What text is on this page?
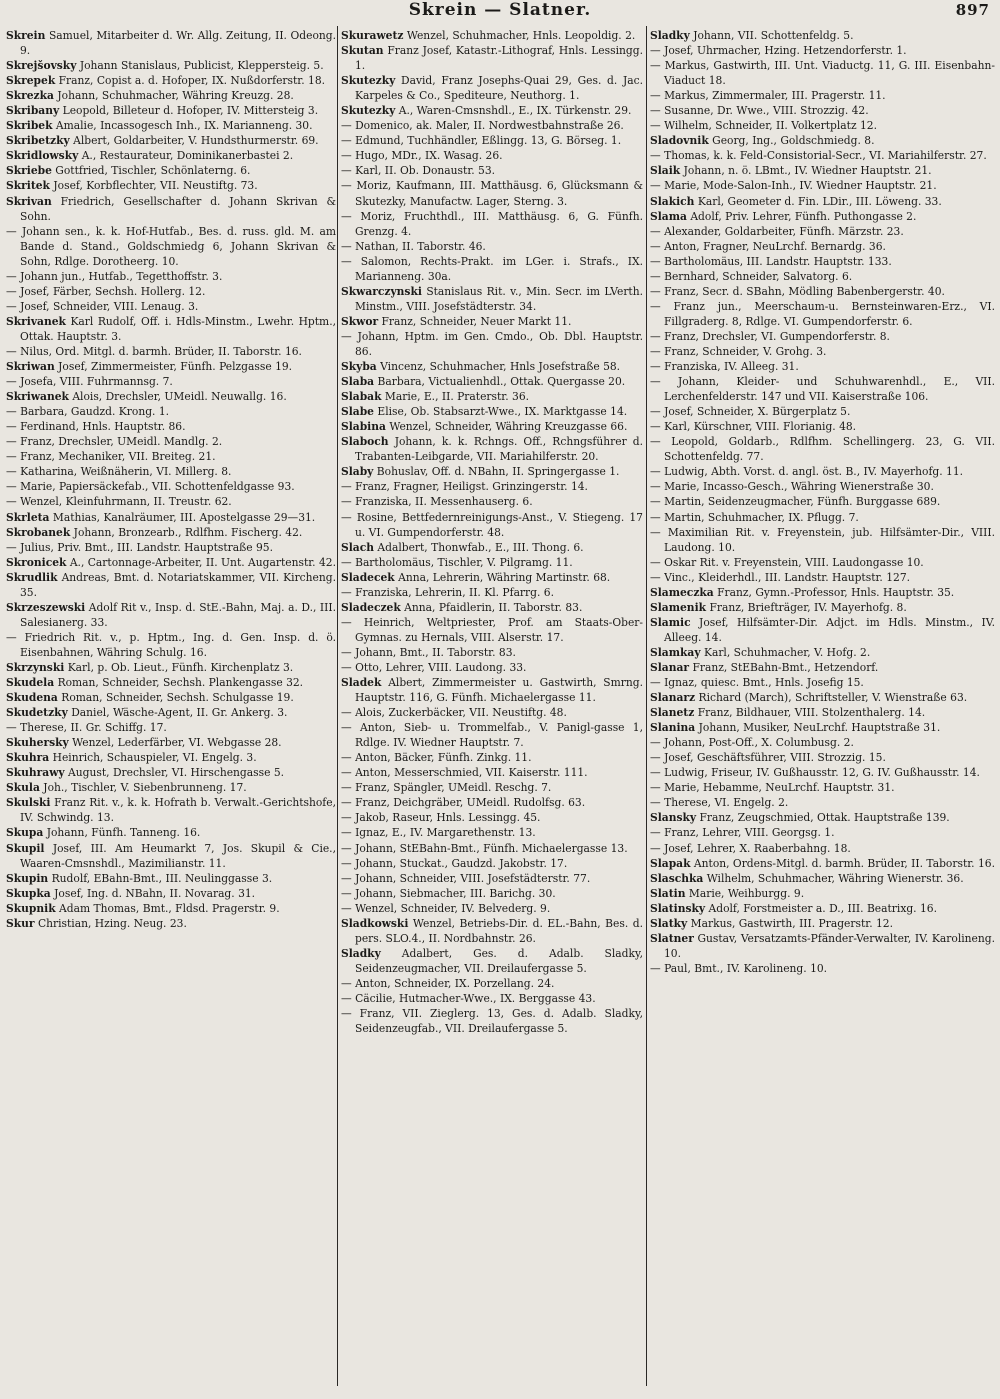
Skrein — Slatner.	897

Skrein Samuel, Mitarbeiter d. Wr. Allg. Zeitung, II. Odeong. 9.

Skrejšovsky Johann Stanislaus, Publicist, Kleppersteig. 5.

Skrepek Franz, Copist a. d. Hofoper, IX. Nußdorferstr. 18.

Skrezka Johann, Schuhmacher, Währing Kreuzg. 28.

Skribany Leopold, Billeteur d. Hofoper, IV. Mittersteig 3.

Skribek Amalie, Incassogesch Inh., IX. Marianneng. 30.

Skribetzky Albert, Goldarbeiter, V. Hundsthurmerstr. 69.

Skridlowsky A., Restaurateur, Dominikanerbastei 2.

Skriebe Gottfried, Tischler, Schönlaterng. 6.

Skritek Josef, Korbflechter, VII. Neustiftg. 73.

Skrivan Friedrich, Gesellschafter d. Johann Skrivan & Sohn.

— Johann sen., k. k. Hof-Hutfab., Bes. d. russ. gld. M. am Bande d. Stand., Goldschmiedg 6, Johann Skrivan & Sohn, Rdlge. Dorotheerg. 10.

— Johann jun., Hutfab., Tegetthoffstr. 3.

— Josef, Färber, Sechsh. Hollerg. 12.

— Josef, Schneider, VIII. Lenaug. 3.

Skrivanek Karl Rudolf, Off. i. Hdls-Minstm., Lwehr. Hptm., Ottak. Hauptstr. 3.

— Nilus, Ord. Mitgl. d. barmh. Brüder, II. Taborstr. 16.

Skriwan Josef, Zimmermeister, Fünfh. Pelzgasse 19.

— Josefa, VIII. Fuhrmannsg. 7.

Skriwanek Alois, Drechsler, UMeidl. Neuwallg. 16.

— Barbara, Gaudzd. Krong. 1.

— Ferdinand, Hnls. Hauptstr. 86.

— Franz, Drechsler, UMeidl. Mandlg. 2.

— Franz, Mechaniker, VII. Breiteg. 21.

— Katharina, Weißnäherin, VI. Millerg. 8.

— Marie, Papiersäckefab., VII. Schottenfeldgasse 93.

— Wenzel, Kleinfuhrmann, II. Treustr. 62.

Skrleta Mathias, Kanalräumer, III. Apostelgasse 29—31.

Skrobanek Johann, Bronzearb., Rdlfhm. Fischerg. 42.

— Julius, Priv. Bmt., III. Landstr. Hauptstraße 95.

Skronicek A., Cartonnage-Arbeiter, II. Unt. Augartenstr. 42.

Skrudlik Andreas, Bmt. d. Notariatskammer, VII. Kircheng. 35.

Skrzeszewski Adolf Rit v., Insp. d. StE.-Bahn, Maj. a. D., III. Salesianerg. 33.

— Friedrich Rit. v., p. Hptm., Ing. d. Gen. Insp. d. ö. Eisenbahnen, Währing Schulg. 16.

Skrzynski Karl, p. Ob. Lieut., Fünfh. Kirchenplatz 3.

Skudela Roman, Schneider, Sechsh. Plankengasse 32.

Skudena Roman, Schneider, Sechsh. Schulgasse 19.

Skudetzky Daniel, Wäsche-Agent, II. Gr. Ankerg. 3.

— Therese, II. Gr. Schiffg. 17.

Skuhersky Wenzel, Lederfärber, VI. Webgasse 28.

Skuhra Heinrich, Schauspieler, VI. Engelg. 3.

Skuhrawy August, Drechsler, VI. Hirschengasse 5.

Skula Joh., Tischler, V. Siebenbrunneng. 17.

Skulski Franz Rit. v., k. k. Hofrath b. Verwalt.-Gerichtshofe, IV. Schwindg. 13.

Skupa Johann, Fünfh. Tanneng. 16.

Skupil Josef, III. Am Heumarkt 7, Jos. Skupil & Cie., Waaren-Cmsnshdl., Mazimilianstr. 11.

Skupin Rudolf, EBahn-Bmt., III. Neulinggasse 3.

Skupka Josef, Ing. d. NBahn, II. Novarag. 31.

Skupnik Adam Thomas, Bmt., Fldsd. Pragerstr. 9.

Skur Christian, Hzing. Neug. 23.

Skurawetz Wenzel, Schuhmacher, Hnls. Leopoldig. 2.

Skutan Franz Josef, Katastr.-Lithograf, Hnls. Lessingg. 1.

Skutezky David, Franz Josephs-Quai 29, Ges. d. Jac. Karpeles & Co., Spediteure, Neuthorg. 1.

Skutezky A., Waren-Cmsnshdl., E., IX. Türkenstr. 29.

— Domenico, ak. Maler, II. Nordwestbahnstraße 26.

— Edmund, Tuchhändler, Eßlingg. 13, G. Börseg. 1.

— Hugo, MDr., IX. Wasag. 26.

— Karl, II. Ob. Donaustr. 53.

— Moriz, Kaufmann, III. Matthäusg. 6, Glücksmann & Skutezky, Manufactw. Lager, Sterng. 3.

— Moriz, Fruchthdl., III. Matthäusg. 6, G. Fünfh. Grenzg. 4.

— Nathan, II. Taborstr. 46.

— Salomon, Rechts-Prakt. im LGer. i. Strafs., IX. Marianneng. 30a.

Skwarczynski Stanislaus Rit. v., Min. Secr. im LVerth. Minstm., VIII. Josefstädterstr. 34.

Skwor Franz, Schneider, Neuer Markt 11.

— Johann, Hptm. im Gen. Cmdo., Ob. Dbl. Hauptstr. 86.

Skyba Vincenz, Schuhmacher, Hnls Josefstraße 58.

Slaba Barbara, Victualienhdl., Ottak. Quergasse 20.

Slabak Marie, E., II. Praterstr. 36.

Slabe Elise, Ob. Stabsarzt-Wwe., IX. Marktgasse 14.

Slabina Wenzel, Schneider, Währing Kreuzgasse 66.

Slaboch Johann, k. k. Rchngs. Off., Rchngsführer d. Trabanten-Leibgarde, VII. Mariahilferstr. 20.

Slaby Bohuslav, Off. d. NBahn, II. Springergasse 1.

— Franz, Fragner, Heiligst. Grinzingerstr. 14.

— Franziska, II. Messenhauserg. 6.

— Rosine, Bettfedernreinigungs-Anst., V. Stiegeng. 17 u. VI. Gumpendorferstr. 48.

Slach Adalbert, Thonwfab., E., III. Thong. 6.

— Bartholomäus, Tischler, V. Pilgramg. 11.

Sladecek Anna, Lehrerin, Währing Martinstr. 68.

— Franziska, Lehrerin, II. Kl. Pfarrg. 6.

Sladeczek Anna, Pfaidlerin, II. Taborstr. 83.

— Heinrich, Weltpriester, Prof. am Staats-Ober-Gymnas. zu Hernals, VIII. Alserstr. 17.

— Johann, Bmt., II. Taborstr. 83.

— Otto, Lehrer, VIII. Laudong. 33.

Sladek Albert, Zimmermeister u. Gastwirth, Smrng. Hauptstr. 116, G. Fünfh. Michaelergasse 11.

— Alois, Zuckerbäcker, VII. Neustiftg. 48.

— Anton, Sieb- u. Trommelfab., V. Panigl-gasse 1, Rdlge. IV. Wiedner Hauptstr. 7.

— Anton, Bäcker, Fünfh. Zinkg. 11.

— Anton, Messerschmied, VII. Kaiserstr. 111.

— Franz, Spängler, UMeidl. Reschg. 7.

— Franz, Deichgräber, UMeidl. Rudolfsg. 63.

— Jakob, Raseur, Hnls. Lessingg. 45.

— Ignaz, E., IV. Margarethenstr. 13.

— Johann, StEBahn-Bmt., Fünfh. Michaelergasse 13.

— Johann, Stuckat., Gaudzd. Jakobstr. 17.

— Johann, Schneider, VIII. Josefstädterstr. 77.

— Johann, Siebmacher, III. Barichg. 30.

— Wenzel, Schneider, IV. Belvederg. 9.

Sladkowski Wenzel, Betriebs-Dir. d. EL.-Bahn, Bes. d. pers. SLO.4., II. Nordbahnstr. 26.

Sladky Adalbert, Ges. d. Adalb. Sladky, Seidenzeugmacher, VII. Dreilaufergasse 5.

— Anton, Schneider, IX. Porzellang. 24.

— Cäcilie, Hutmacher-Wwe., IX. Berggasse 43.

— Franz, VII. Zieglerg. 13, Ges. d. Adalb. Sladky, Seidenzeugfab., VII. Dreilaufergasse 5.

Sladky Johann, VII. Schottenfeldg. 5.

— Josef, Uhrmacher, Hzing. Hetzendorferstr. 1.

— Markus, Gastwirth, III. Unt. Viaductg. 11, G. III. Eisenbahn-Viaduct 18.

— Markus, Zimmermaler, III. Pragerstr. 11.

— Susanne, Dr. Wwe., VIII. Strozzig. 42.

— Wilhelm, Schneider, II. Volkertplatz 12.

Sladovnik Georg, Ing., Goldschmiedg. 8.

— Thomas, k. k. Feld-Consistorial-Secr., VI. Mariahilferstr. 27.

Slaik Johann, n. ö. LBmt., IV. Wiedner Hauptstr. 21.

— Marie, Mode-Salon-Inh., IV. Wiedner Hauptstr. 21.

Slakich Karl, Geometer d. Fin. LDir., III. Löweng. 33.

Slama Adolf, Priv. Lehrer, Fünfh. Puthongasse 2.

— Alexander, Goldarbeiter, Fünfh. Märzstr. 23.

— Anton, Fragner, NeuLrchf. Bernardg. 36.

— Bartholomäus, III. Landstr. Hauptstr. 133.

— Bernhard, Schneider, Salvatorg. 6.

— Franz, Secr. d. SBahn, Mödling Babenbergerstr. 40.

— Franz jun., Meerschaum-u. Bernsteinwaren-Erz., VI. Fillgraderg. 8, Rdlge. VI. Gumpendorferstr. 6.

— Franz, Drechsler, VI. Gumpendorferstr. 8.

— Franz, Schneider, V. Grohg. 3.

— Franziska, IV. Alleeg. 31.

— Johann, Kleider- und Schuhwarenhdl., E., VII. Lerchenfelderstr. 147 und VII. Kaiserstraße 106.

— Josef, Schneider, X. Bürgerplatz 5.

— Karl, Kürschner, VIII. Florianig. 48.

— Leopold, Goldarb., Rdlfhm. Schellingerg. 23, G. VII. Schottenfeldg. 77.

— Ludwig, Abth. Vorst. d. angl. öst. B., IV. Mayerhofg. 11.

— Marie, Incasso-Gesch., Währing Wienerstraße 30.

— Martin, Seidenzeugmacher, Fünfh. Burggasse 689.

— Martin, Schuhmacher, IX. Pflugg. 7.

— Maximilian Rit. v. Freyenstein, jub. Hilfsämter-Dir., VIII. Laudong. 10.

— Oskar Rit. v. Freyenstein, VIII. Laudongasse 10.

— Vinc., Kleiderhdl., III. Landstr. Hauptstr. 127.

Slameczka Franz, Gymn.-Professor, Hnls. Hauptstr. 35.

Slamenik Franz, Briefträger, IV. Mayerhofg. 8.

Slamic Josef, Hilfsämter-Dir. Adjct. im Hdls. Minstm., IV. Alleeg. 14.

Slamkay Karl, Schuhmacher, V. Hofg. 2.

Slanar Franz, StEBahn-Bmt., Hetzendorf.

— Ignaz, quiesc. Bmt., Hnls. Josefig 15.

Slanarz Richard (March), Schriftsteller, V. Wienstraße 63.

Slanetz Franz, Bildhauer, VIII. Stolzenthalerg. 14.

Slanina Johann, Musiker, NeuLrchf. Hauptstraße 31.

— Johann, Post-Off., X. Columbusg. 2.

— Josef, Geschäftsführer, VIII. Strozzig. 15.

— Ludwig, Friseur, IV. Gußhausstr. 12, G. IV. Gußhausstr. 14.

— Marie, Hebamme, NeuLrchf. Hauptstr. 31.

— Therese, VI. Engelg. 2.

Slansky Franz, Zeugschmied, Ottak. Hauptstraße 139.

— Franz, Lehrer, VIII. Georgsg. 1.

— Josef, Lehrer, X. Raaberbahng. 18.

Slapak Anton, Ordens-Mitgl. d. barmh. Brüder, II. Taborstr. 16.

Slaschka Wilhelm, Schuhmacher, Währing Wienerstr. 36.

Slatin Marie, Weihburgg. 9.

Slatinsky Adolf, Forstmeister a. D., III. Beatrixg. 16.

Slatky Markus, Gastwirth, III. Pragerstr. 12.

Slatner Gustav, Versatzamts-Pfänder-Verwalter, IV. Karolineng. 10.

— Paul, Bmt., IV. Karolineng. 10.
